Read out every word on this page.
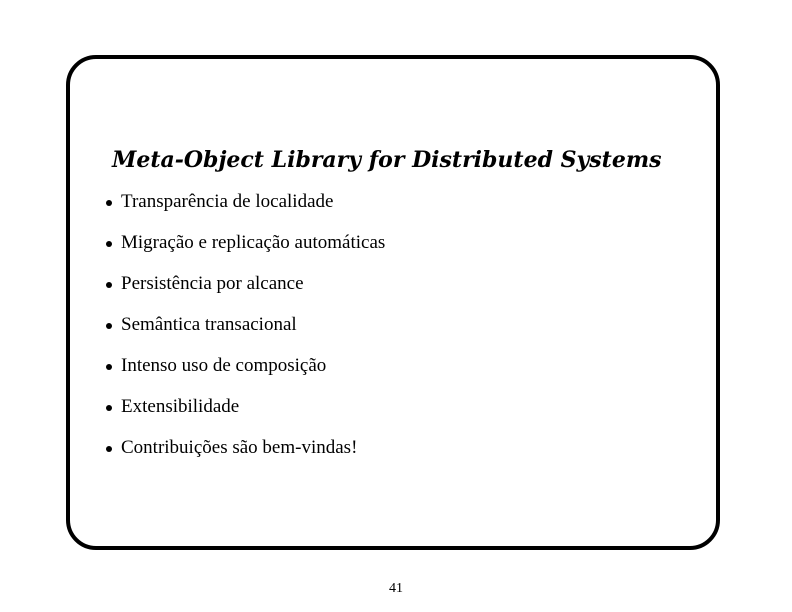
Meta-Object Library for Distributed Systems
Transparência de localidade
Migração e replicação automáticas
Persistência por alcance
Semântica transacional
Intenso uso de composição
Extensibilidade
Contribuições são bem-vindas!
41
